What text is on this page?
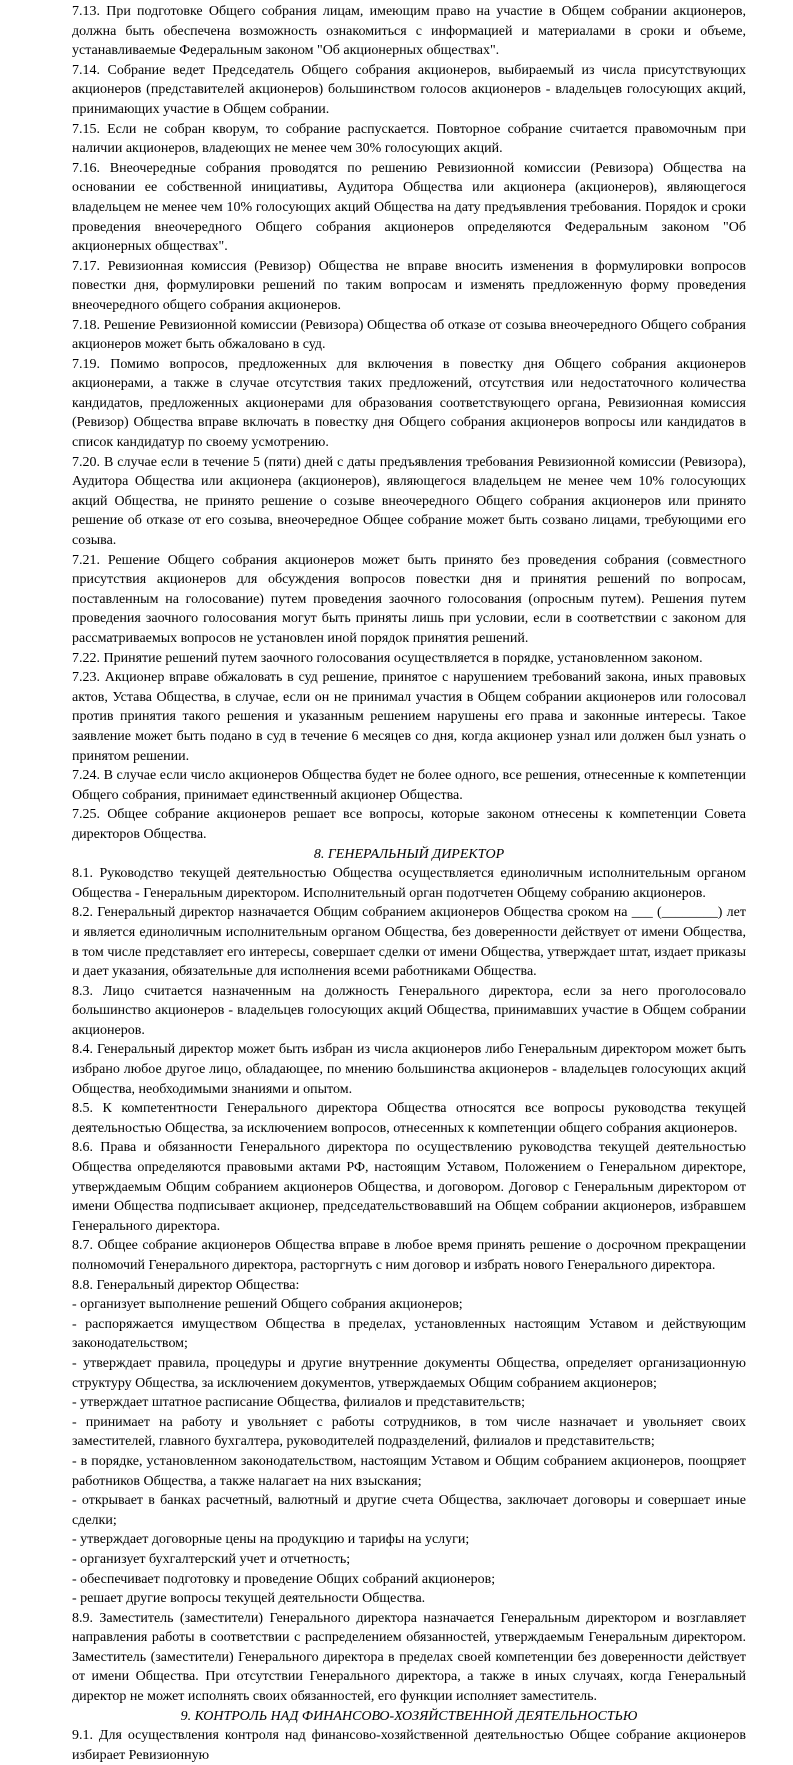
7.13. При подготовке Общего собрания лицам, имеющим право на участие в Общем собрании акционеров, должна быть обеспечена возможность ознакомиться с информацией и материалами в сроки и объеме, устанавливаемые Федеральным законом "Об акционерных обществах".

7.14. Собрание ведет Председатель Общего собрания акционеров, выбираемый из числа присутствующих акционеров (представителей акционеров) большинством голосов акционеров - владельцев голосующих акций, принимающих участие в Общем собрании.

7.15. Если не собран кворум, то собрание распускается. Повторное собрание считается правомочным при наличии акционеров, владеющих не менее чем 30% голосующих акций.

7.16. Внеочередные собрания проводятся по решению Ревизионной комиссии (Ревизора) Общества на основании ее собственной инициативы, Аудитора Общества или акционера (акционеров), являющегося владельцем не менее чем 10% голосующих акций Общества на дату предъявления требования. Порядок и сроки проведения внеочередного Общего собрания акционеров определяются Федеральным законом "Об акционерных обществах".

7.17. Ревизионная комиссия (Ревизор) Общества не вправе вносить изменения в формулировки вопросов повестки дня, формулировки решений по таким вопросам и изменять предложенную форму проведения внеочередного общего собрания акционеров.

7.18. Решение Ревизионной комиссии (Ревизора) Общества об отказе от созыва внеочередного Общего собрания акционеров может быть обжаловано в суд.

7.19. Помимо вопросов, предложенных для включения в повестку дня Общего собрания акционеров акционерами, а также в случае отсутствия таких предложений, отсутствия или недостаточного количества кандидатов, предложенных акционерами для образования соответствующего органа, Ревизионная комиссия (Ревизор) Общества вправе включать в повестку дня Общего собрания акционеров вопросы или кандидатов в список кандидатур по своему усмотрению.

7.20. В случае если в течение 5 (пяти) дней с даты предъявления требования Ревизионной комиссии (Ревизора), Аудитора Общества или акционера (акционеров), являющегося владельцем не менее чем 10% голосующих акций Общества, не принято решение о созыве внеочередного Общего собрания акционеров или принято решение об отказе от его созыва, внеочередное Общее собрание может быть созвано лицами, требующими его созыва.

7.21. Решение Общего собрания акционеров может быть принято без проведения собрания (совместного присутствия акционеров для обсуждения вопросов повестки дня и принятия решений по вопросам, поставленным на голосование) путем проведения заочного голосования (опросным путем). Решения путем проведения заочного голосования могут быть приняты лишь при условии, если в соответствии с законом для рассматриваемых вопросов не установлен иной порядок принятия решений.

7.22. Принятие решений путем заочного голосования осуществляется в порядке, установленном законом.

7.23. Акционер вправе обжаловать в суд решение, принятое с нарушением требований закона, иных правовых актов, Устава Общества, в случае, если он не принимал участия в Общем собрании акционеров или голосовал против принятия такого решения и указанным решением нарушены его права и законные интересы. Такое заявление может быть подано в суд в течение 6 месяцев со дня, когда акционер узнал или должен был узнать о принятом решении.

7.24. В случае если число акционеров Общества будет не более одного, все решения, отнесенные к компетенции Общего собрания, принимает единственный акционер Общества.

7.25. Общее собрание акционеров решает все вопросы, которые законом отнесены к компетенции Совета директоров Общества.

8. ГЕНЕРАЛЬНЫЙ ДИРЕКТОР

8.1. Руководство текущей деятельностью Общества осуществляется единоличным исполнительным органом Общества - Генеральным директором. Исполнительный орган подотчетен Общему собранию акционеров.

8.2. Генеральный директор назначается Общим собранием акционеров Общества сроком на ___ (________) лет и является единоличным исполнительным органом Общества, без доверенности действует от имени Общества, в том числе представляет его интересы, совершает сделки от имени Общества, утверждает штат, издает приказы и дает указания, обязательные для исполнения всеми работниками Общества.

8.3. Лицо считается назначенным на должность Генерального директора, если за него проголосовало большинство акционеров - владельцев голосующих акций Общества, принимавших участие в Общем собрании акционеров.

8.4. Генеральный директор может быть избран из числа акционеров либо Генеральным директором может быть избрано любое другое лицо, обладающее, по мнению большинства акционеров - владельцев голосующих акций Общества, необходимыми знаниями и опытом.

8.5. К компетентности Генерального директора Общества относятся все вопросы руководства текущей деятельностью Общества, за исключением вопросов, отнесенных к компетенции общего собрания акционеров.

8.6. Права и обязанности Генерального директора по осуществлению руководства текущей деятельностью Общества определяются правовыми актами РФ, настоящим Уставом, Положением о Генеральном директоре, утверждаемым Общим собранием акционеров Общества, и договором. Договор с Генеральным директором от имени Общества подписывает акционер, председательствовавший на Общем собрании акционеров, избравшем Генерального директора.

8.7. Общее собрание акционеров Общества вправе в любое время принять решение о досрочном прекращении полномочий Генерального директора, расторгнуть с ним договор и избрать нового Генерального директора.

8.8. Генеральный директор Общества:

- организует выполнение решений Общего собрания акционеров;

- распоряжается имуществом Общества в пределах, установленных настоящим Уставом и действующим законодательством;

- утверждает правила, процедуры и другие внутренние документы Общества, определяет организационную структуру Общества, за исключением документов, утверждаемых Общим собранием акционеров;

- утверждает штатное расписание Общества, филиалов и представительств;

- принимает на работу и увольняет с работы сотрудников, в том числе назначает и увольняет своих заместителей, главного бухгалтера, руководителей подразделений, филиалов и представительств;

- в порядке, установленном законодательством, настоящим Уставом и Общим собранием акционеров, поощряет работников Общества, а также налагает на них взыскания;

- открывает в банках расчетный, валютный и другие счета Общества, заключает договоры и совершает иные сделки;

- утверждает договорные цены на продукцию и тарифы на услуги;

- организует бухгалтерский учет и отчетность;

- обеспечивает подготовку и проведение Общих собраний акционеров;

- решает другие вопросы текущей деятельности Общества.

8.9. Заместитель (заместители) Генерального директора назначается Генеральным директором и возглавляет направления работы в соответствии с распределением обязанностей, утверждаемым Генеральным директором. Заместитель (заместители) Генерального директора в пределах своей компетенции без доверенности действует от имени Общества. При отсутствии Генерального директора, а также в иных случаях, когда Генеральный директор не может исполнять своих обязанностей, его функции исполняет заместитель.

9. КОНТРОЛЬ НАД ФИНАНСОВО-ХОЗЯЙСТВЕННОЙ ДЕЯТЕЛЬНОСТЬЮ

9.1. Для осуществления контроля над финансово-хозяйственной деятельностью Общее собрание акционеров избирает Ревизионную
